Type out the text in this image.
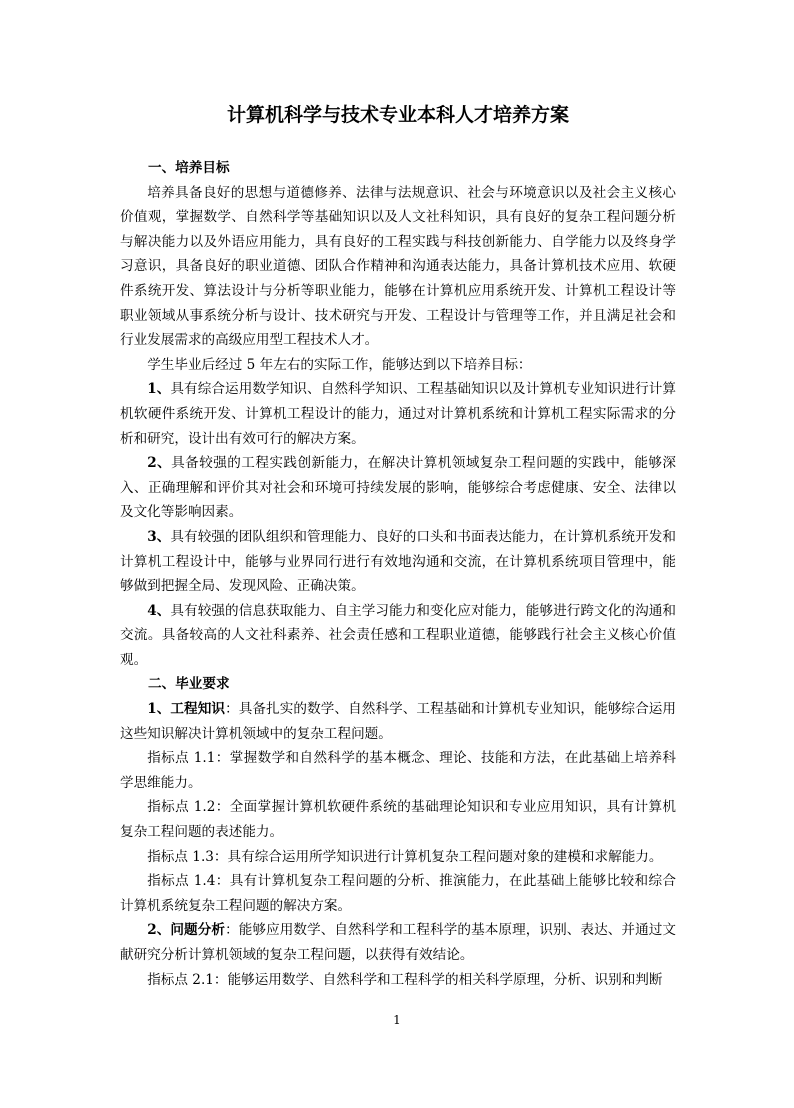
计算机科学与技术专业本科人才培养方案
一、培养目标

培养具备良好的思想与道德修养、法律与法规意识、社会与环境意识以及社会主义核心价值观，掌握数学、自然科学等基础知识以及人文社科知识，具有良好的复杂工程问题分析与解决能力以及外语应用能力，具有良好的工程实践与科技创新能力、自学能力以及终身学习意识，具备良好的职业道德、团队合作精神和沟通表达能力，具备计算机技术应用、软硬件系统开发、算法设计与分析等职业能力，能够在计算机应用系统开发、计算机工程设计等职业领域从事系统分析与设计、技术研究与开发、工程设计与管理等工作，并且满足社会和行业发展需求的高级应用型工程技术人才。

学生毕业后经过 5 年左右的实际工作，能够达到以下培养目标：

1、具有综合运用数学知识、自然科学知识、工程基础知识以及计算机专业知识进行计算机软硬件系统开发、计算机工程设计的能力，通过对计算机系统和计算机工程实际需求的分析和研究，设计出有效可行的解决方案。

2、具备较强的工程实践创新能力，在解决计算机领域复杂工程问题的实践中，能够深入、正确理解和评价其对社会和环境可持续发展的影响，能够综合考虑健康、安全、法律以及文化等影响因素。

3、具有较强的团队组织和管理能力、良好的口头和书面表达能力，在计算机系统开发和计算机工程设计中，能够与业界同行进行有效地沟通和交流，在计算机系统项目管理中，能够做到把握全局、发现风险、正确决策。

4、具有较强的信息获取能力、自主学习能力和变化应对能力，能够进行跨文化的沟通和交流。具备较高的人文社科素养、社会责任感和工程职业道德，能够践行社会主义核心价值观。

二、毕业要求

1、工程知识：具备扎实的数学、自然科学、工程基础和计算机专业知识，能够综合运用这些知识解决计算机领域中的复杂工程问题。

指标点 1.1：掌握数学和自然科学的基本概念、理论、技能和方法，在此基础上培养科学思维能力。

指标点 1.2：全面掌握计算机软硬件系统的基础理论知识和专业应用知识，具有计算机复杂工程问题的表述能力。

指标点 1.3：具有综合运用所学知识进行计算机复杂工程问题对象的建模和求解能力。

指标点 1.4：具有计算机复杂工程问题的分析、推演能力，在此基础上能够比较和综合计算机系统复杂工程问题的解决方案。

2、问题分析：能够应用数学、自然科学和工程科学的基本原理，识别、表达、并通过文献研究分析计算机领域的复杂工程问题，以获得有效结论。

指标点 2.1：能够运用数学、自然科学和工程科学的相关科学原理，分析、识别和判断

1
